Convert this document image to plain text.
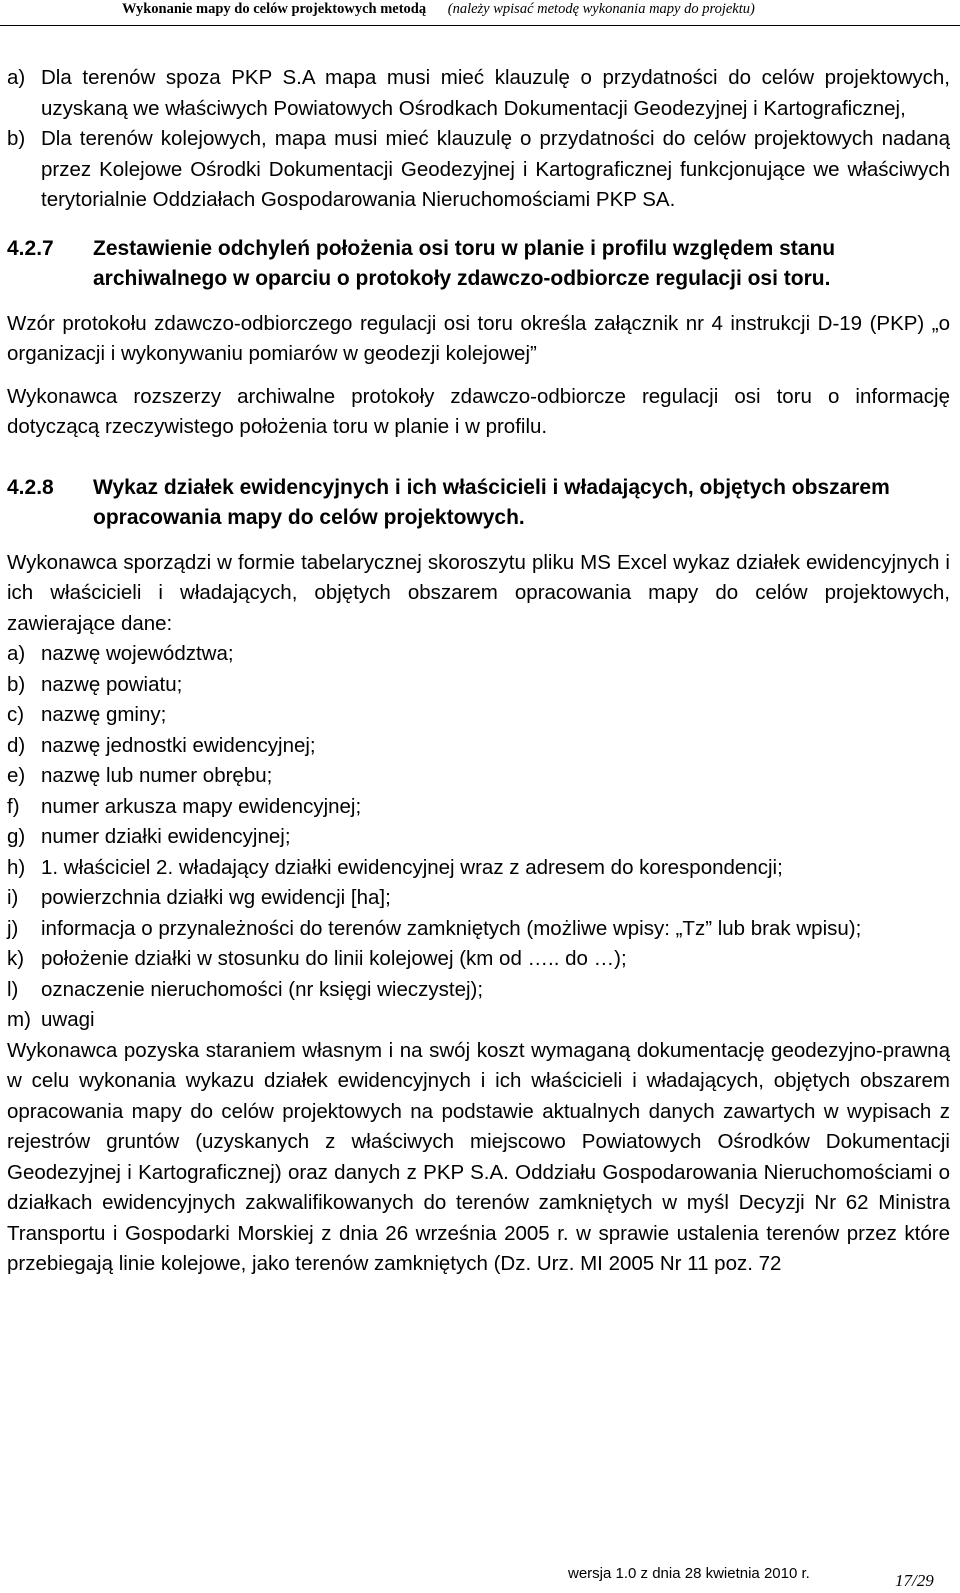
Wykonanie mapy do celów projektowych metodą (należy wpisać metodę wykonania mapy do projektu)
a) Dla terenów spoza PKP S.A mapa musi mieć klauzulę o przydatności do celów projektowych, uzyskaną we właściwych Powiatowych Ośrodkach Dokumentacji Geodezyjnej i Kartograficznej,
b) Dla terenów kolejowych, mapa musi mieć klauzulę o przydatności do celów projektowych nadaną przez Kolejowe Ośrodki Dokumentacji Geodezyjnej i Kartograficznej funkcjonujące we właściwych terytorialnie Oddziałach Gospodarowania Nieruchomościami PKP SA.
4.2.7	Zestawienie odchyleń położenia osi toru w planie i profilu względem stanu archiwalnego w oparciu o protokoły zdawczo-odbiorcze regulacji osi toru.

Wzór protokołu zdawczo-odbiorczego regulacji osi toru określa załącznik nr 4 instrukcji D-19 (PKP) „o organizacji i wykonywaniu pomiarów w geodezji kolejowej”

Wykonawca rozszerzy archiwalne protokoły zdawczo-odbiorcze regulacji osi toru o informację dotyczącą rzeczywistego położenia toru w planie i w profilu.

4.2.8	Wykaz działek ewidencyjnych i ich właścicieli i władających, objętych obszarem opracowania mapy do celów projektowych.

Wykonawca sporządzi w formie tabelarycznej skoroszytu pliku MS Excel wykaz działek ewidencyjnych i ich właścicieli i władających, objętych obszarem opracowania mapy do celów projektowych, zawierające dane:

a) nazwę województwa;
b) nazwę powiatu;
c) nazwę gminy;
d) nazwę jednostki ewidencyjnej;
e) nazwę lub numer obrębu;
f)	numer arkusza mapy ewidencyjnej;
g) numer działki ewidencyjnej;
h) 1. właściciel 2. władający działki ewidencyjnej wraz z adresem do korespondencji;
i)	powierzchnia działki wg ewidencji [ha];
j)	informacja o przynależności do terenów zamkniętych (możliwe wpisy: „Tz” lub brak wpisu);
k) położenie działki w stosunku do linii kolejowej (km od ….. do …);
l)	oznaczenie nieruchomości (nr księgi wieczystej);
m) uwagi

Wykonawca pozyska staraniem własnym i na swój koszt wymaganą dokumentację geodezyjno-prawną w celu wykonania wykazu działek ewidencyjnych i ich właścicieli i władających, objętych obszarem opracowania mapy do celów projektowych na podstawie aktualnych danych zawartych w wypisach z rejestrów gruntów (uzyskanych z właściwych miejscowo Powiatowych Ośrodków Dokumentacji Geodezyjnej i Kartograficznej) oraz danych z PKP S.A. Oddziału Gospodarowania Nieruchomościami o działkach ewidencyjnych zakwalifikowanych do terenów zamkniętych w myśl Decyzji Nr 62 Ministra Transportu i Gospodarki Morskiej z dnia 26 września 2005 r. w sprawie ustalenia terenów przez które przebiegają linie kolejowe, jako terenów zamkniętych (Dz. Urz. MI 2005 Nr 11 poz. 72

wersja 1.0 z dnia 28 kwietnia 2010 r.	17/29
